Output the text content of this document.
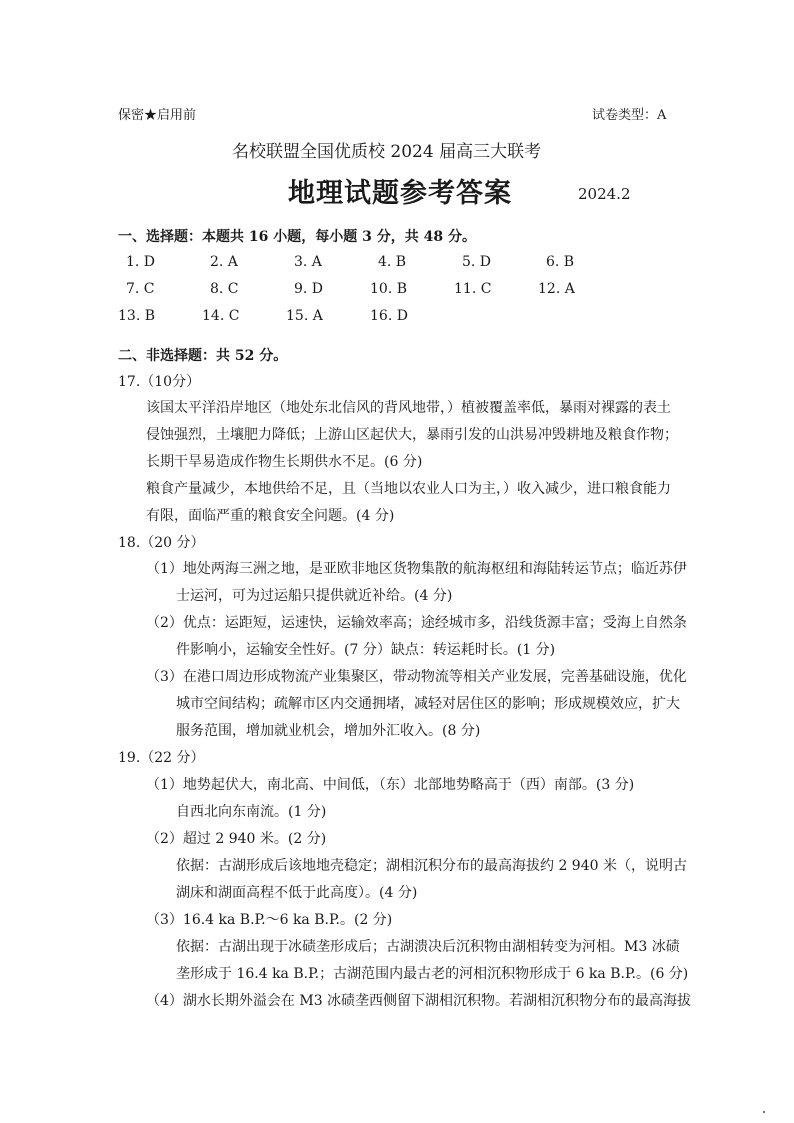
保密★启用前	试卷类型：A
名校联盟全国优质校 2024 届高三大联考
地理试题参考答案	2024.2
一、选择题：本题共 16 小题，每小题 3 分，共 48 分。
1. D	2. A	3. A	4. B	5. D	6. B
7. C	8. C	9. D	10. B	11. C	12. A
13. B	14. C	15. A	16. D
二、非选择题：共 52 分。
17.（10分）
该国太平洋沿岸地区（地处东北信风的背风地带，）植被覆盖率低，暴雨对裸露的表土
侵蚀强烈，土壤肥力降低；上游山区起伏大，暴雨引发的山洪易冲毁耕地及粮食作物；
长期干旱易造成作物生长期供水不足。(6 分)
粮食产量减少，本地供给不足，且（当地以农业人口为主，）收入减少，进口粮食能力
有限，面临严重的粮食安全问题。(4 分)
18.（20 分）
（1）地处两海三洲之地，是亚欧非地区货物集散的航海枢纽和海陆转运节点；临近苏伊
士运河，可为过运船只提供就近补给。(4 分)
（2）优点：运距短，运速快，运输效率高；途经城市多，沿线货源丰富；受海上自然条
件影响小，运输安全性好。(7 分）缺点：转运耗时长。(1 分)
（3）在港口周边形成物流产业集聚区，带动物流等相关产业发展，完善基础设施，优化
城市空间结构；疏解市区内交通拥堵，减轻对居住区的影响；形成规模效应，扩大
服务范围，增加就业机会，增加外汇收入。(8 分)
19.（22 分）
（1）地势起伏大，南北高、中间低，（东）北部地势略高于（西）南部。(3 分)
自西北向东南流。(1 分)
（2）超过 2 940 米。(2 分)
依据：古湖形成后该地地壳稳定；湖相沉积分布的最高海拔约 2 940 米（，说明古
湖床和湖面高程不低于此高度）。(4 分)
（3）16.4 ka B.P.～6 ka B.P.。(2 分)
依据：古湖出现于冰碛垄形成后；古湖溃决后沉积物由湖相转变为河相。M3 冰碛
垄形成于 16.4 ka B.P.；古湖范围内最古老的河相沉积物形成于 6 ka B.P.。(6 分)
（4）湖水长期外溢会在 M3 冰碛垄西侧留下湖相沉积物。若湖相沉积物分布的最高海拔
